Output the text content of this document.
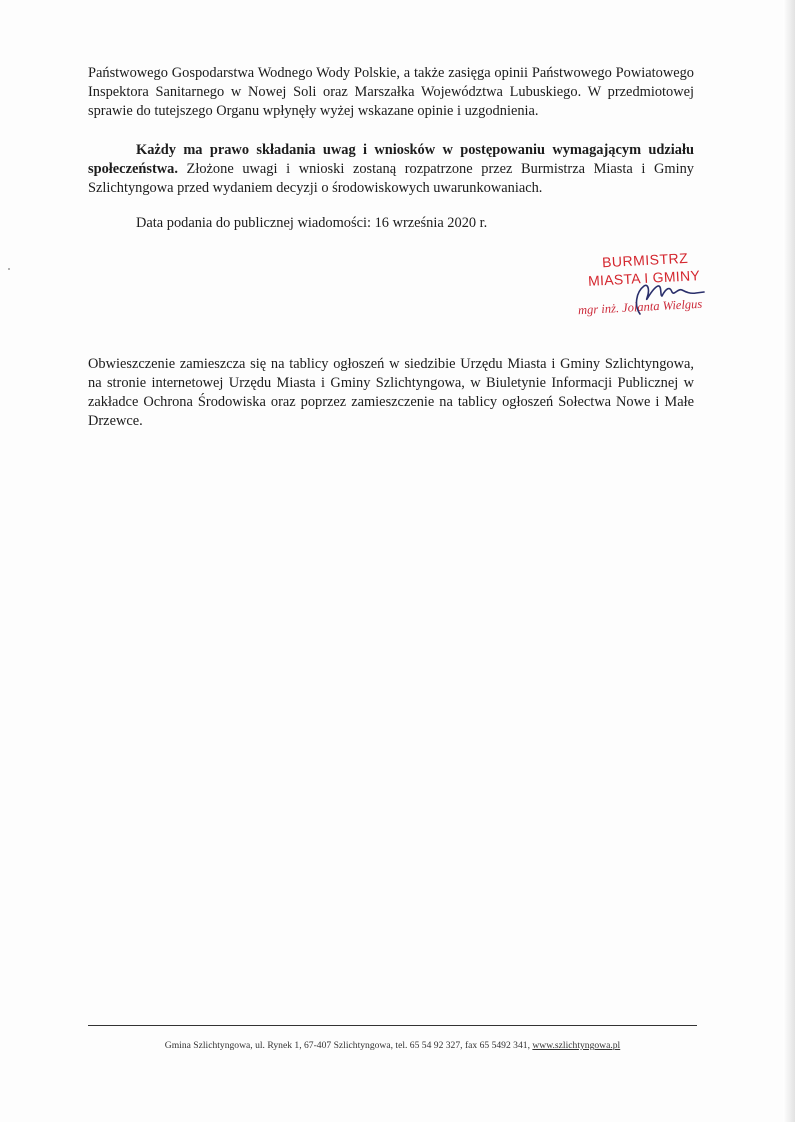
Państwowego Gospodarstwa Wodnego Wody Polskie, a także zasięga opinii Państwowego Powiatowego Inspektora Sanitarnego w Nowej Soli oraz Marszałka Województwa Lubuskiego. W przedmiotowej sprawie do tutejszego Organu wpłynęły wyżej wskazane opinie i uzgodnienia.

Każdy ma prawo składania uwag i wniosków w postępowaniu wymagającym udziału społeczeństwa. Złożone uwagi i wnioski zostaną rozpatrzone przez Burmistrza Miasta i Gminy Szlichtyngowa przed wydaniem decyzji o środowiskowych uwarunkowaniach.

Data podania do publicznej wiadomości: 16 września 2020 r.

BURMISTRZ

MIASTA I GMINY

mgr inż. Jolanta Wielgus

Obwieszczenie zamieszcza się na tablicy ogłoszeń w siedzibie Urzędu Miasta i Gminy Szlichtyngowa, na stronie internetowej Urzędu Miasta i Gminy Szlichtyngowa, w Biuletynie Informacji Publicznej w zakładce Ochrona Środowiska oraz poprzez zamieszczenie na tablicy ogłoszeń Sołectwa Nowe i Małe Drzewce.

Gmina Szlichtyngowa, ul. Rynek 1, 67-407 Szlichtyngowa, tel. 65 54 92 327, fax 65 5492 341, www.szlichtyngowa.pl
